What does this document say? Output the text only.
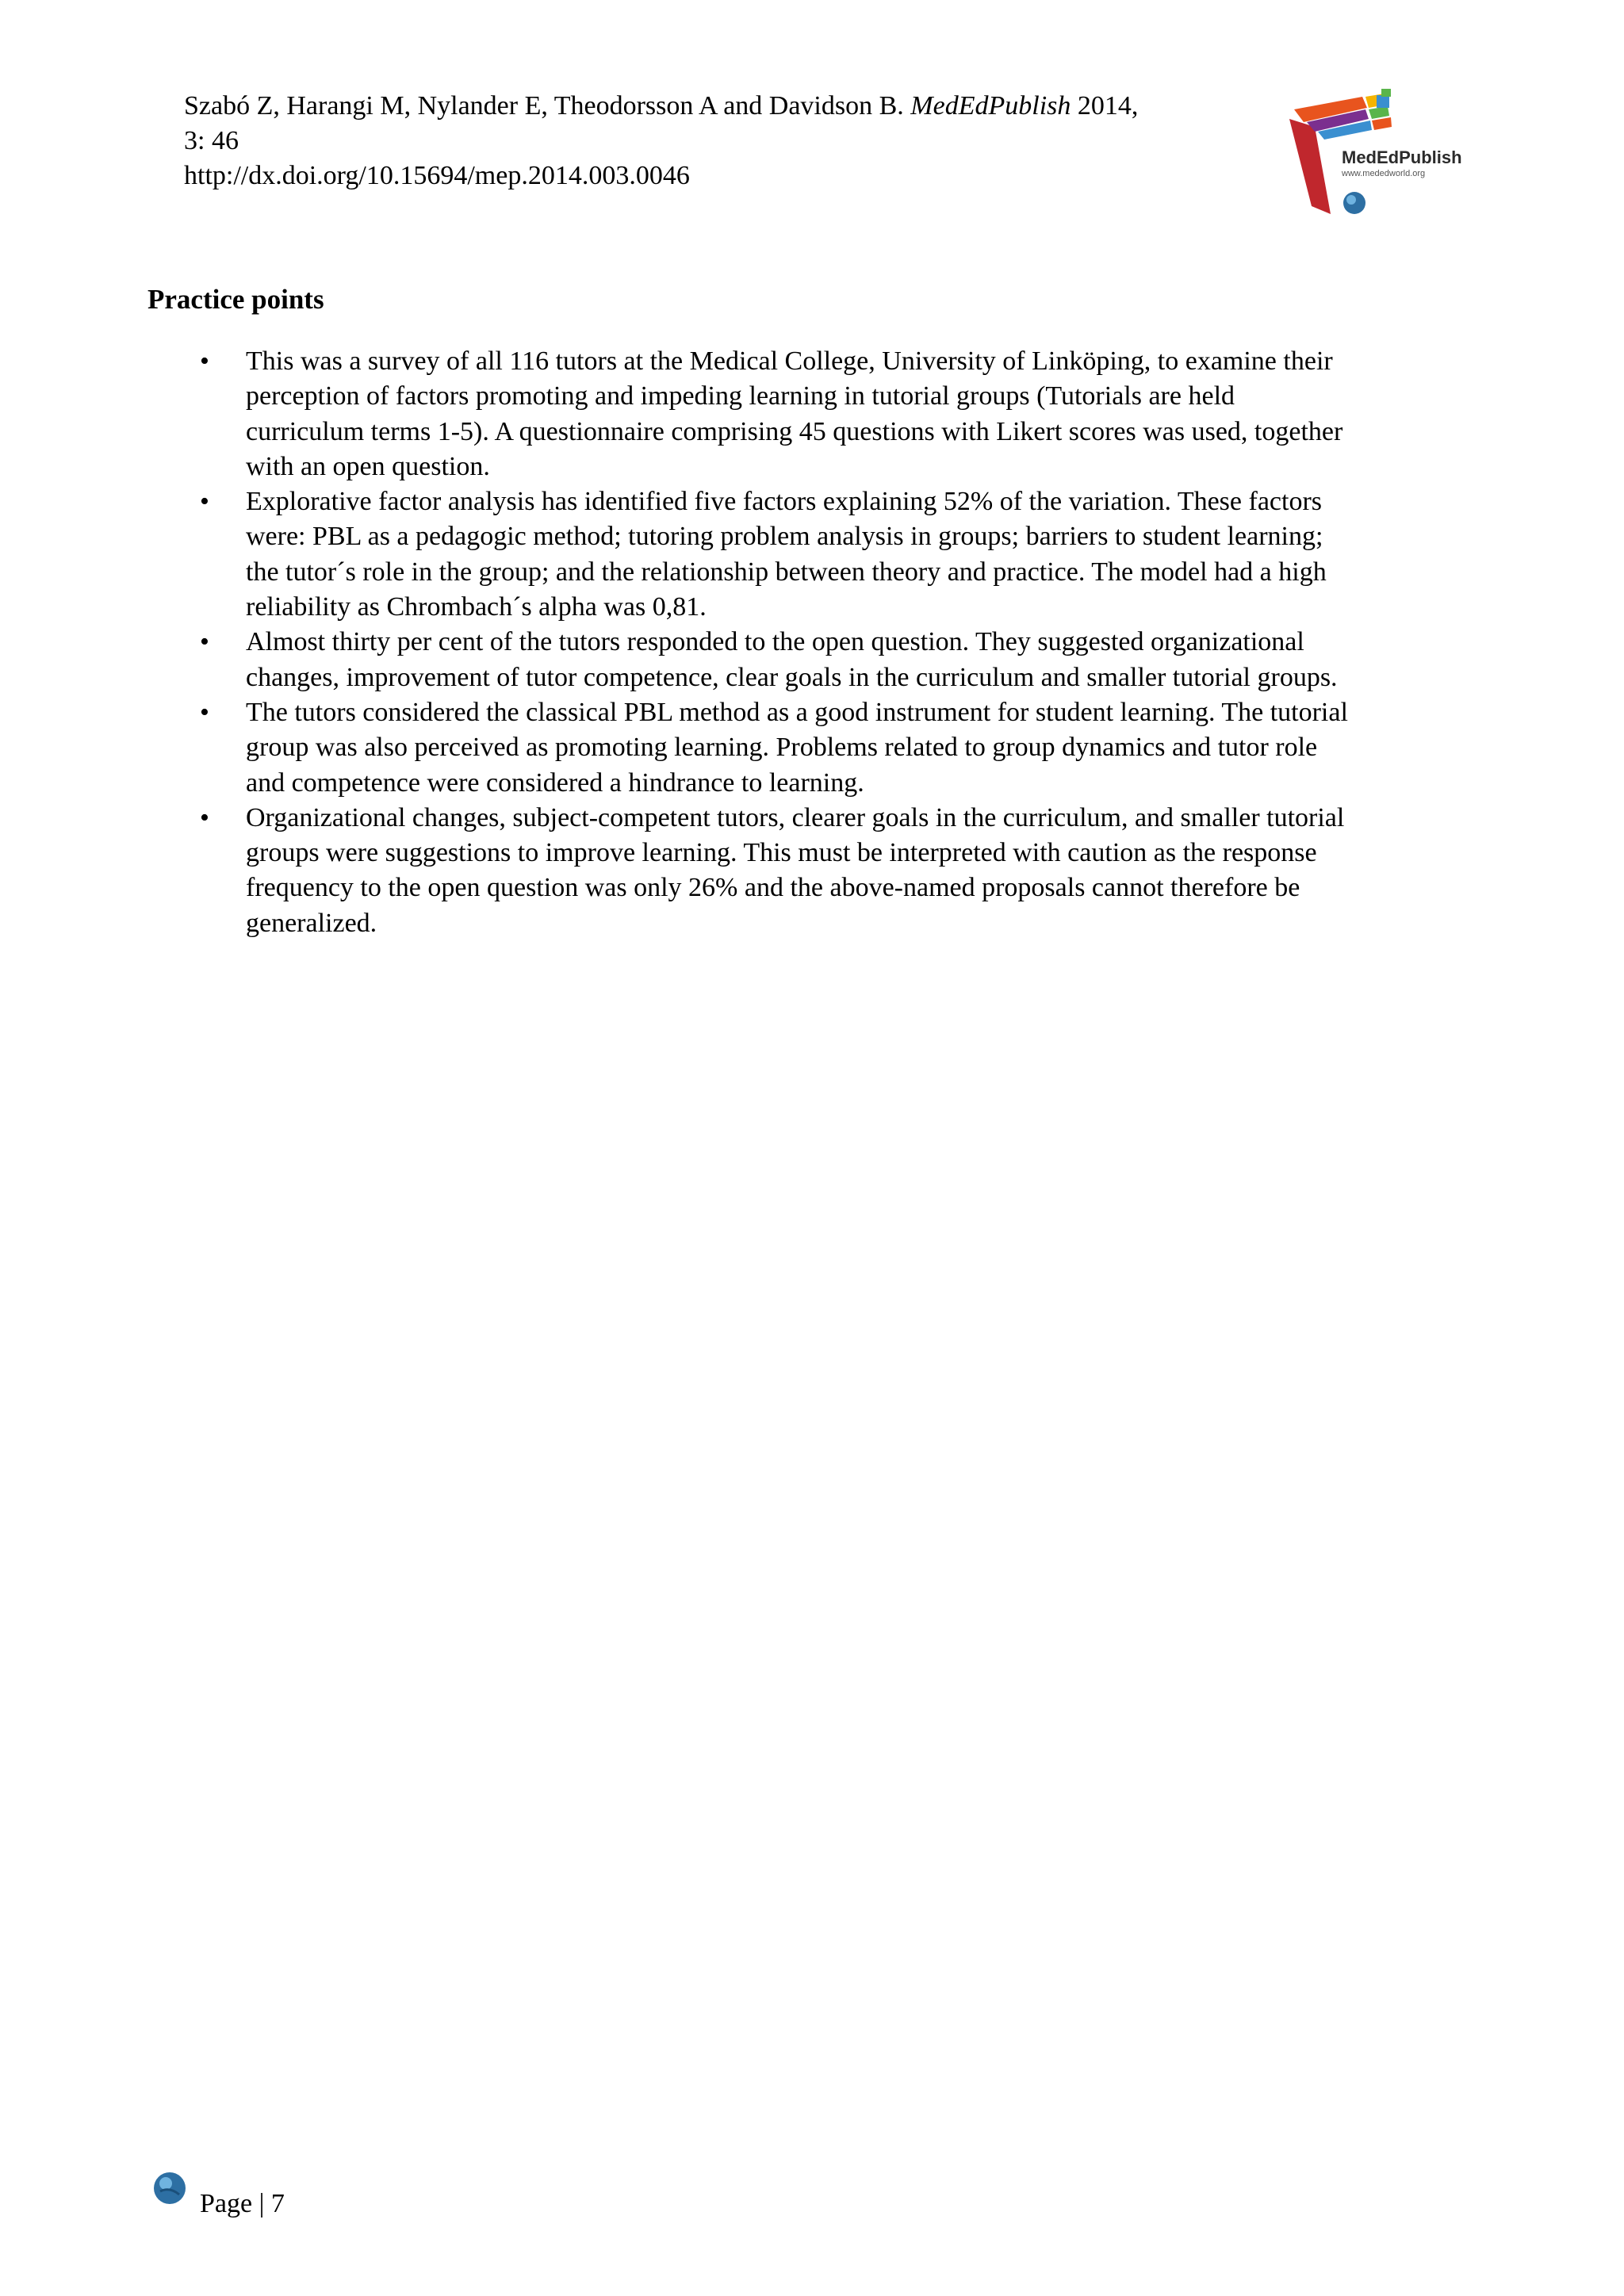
Szabó Z, Harangi M, Nylander E, Theodorsson A and Davidson B. MedEdPublish 2014,
3: 46
http://dx.doi.org/10.15694/mep.2014.003.0046
MedEdPublish
www.mededworld.org
Practice points
• This was a survey of all 116 tutors at the Medical College, University of Linköping, to examine their
perception of factors promoting and impeding learning in tutorial groups (Tutorials are held
curriculum terms 1-5). A questionnaire comprising 45 questions with Likert scores was used, together
with an open question.
• Explorative factor analysis has identified five factors explaining 52% of the variation. These factors
were: PBL as a pedagogic method; tutoring problem analysis in groups; barriers to student learning;
the tutor´s role in the group; and the relationship between theory and practice. The model had a high
reliability as Chrombach´s alpha was 0,81.
• Almost thirty per cent of the tutors responded to the open question. They suggested organizational
changes, improvement of tutor competence, clear goals in the curriculum and smaller tutorial groups.
• The tutors considered the classical PBL method as a good instrument for student learning. The tutorial
group was also perceived as promoting learning. Problems related to group dynamics and tutor role
and competence were considered a hindrance to learning.
• Organizational changes, subject-competent tutors, clearer goals in the curriculum, and smaller tutorial
groups were suggestions to improve learning. This must be interpreted with caution as the response
frequency to the open question was only 26% and the above-named proposals cannot therefore be
generalized.
Page | 7
